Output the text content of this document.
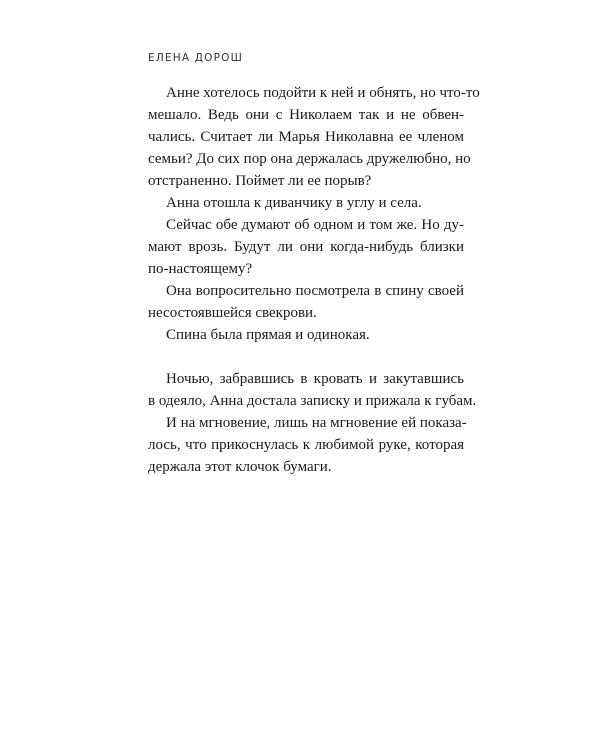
ЕЛЕНА ДОРОШ
Анне хотелось подойти к ней и обнять, но что-то
мешало. Ведь они с Николаем так и не обвен-
чались. Считает ли Марья Николавна ее членом
семьи? До сих пор она держалась дружелюбно, но
отстраненно. Поймет ли ее порыв?
Анна отошла к диванчику в углу и села.
Сейчас обе думают об одном и том же. Но ду-
мают врозь. Будут ли они когда-нибудь близки
по-настоящему?
Она вопросительно посмотрела в спину своей
несостоявшейся свекрови.
Спина была прямая и одинокая.
Ночью, забравшись в кровать и закутавшись
в одеяло, Анна достала записку и прижала к губам.
И на мгновение, лишь на мгновение ей показа-
лось, что прикоснулась к любимой руке, которая
держала этот клочок бумаги.
